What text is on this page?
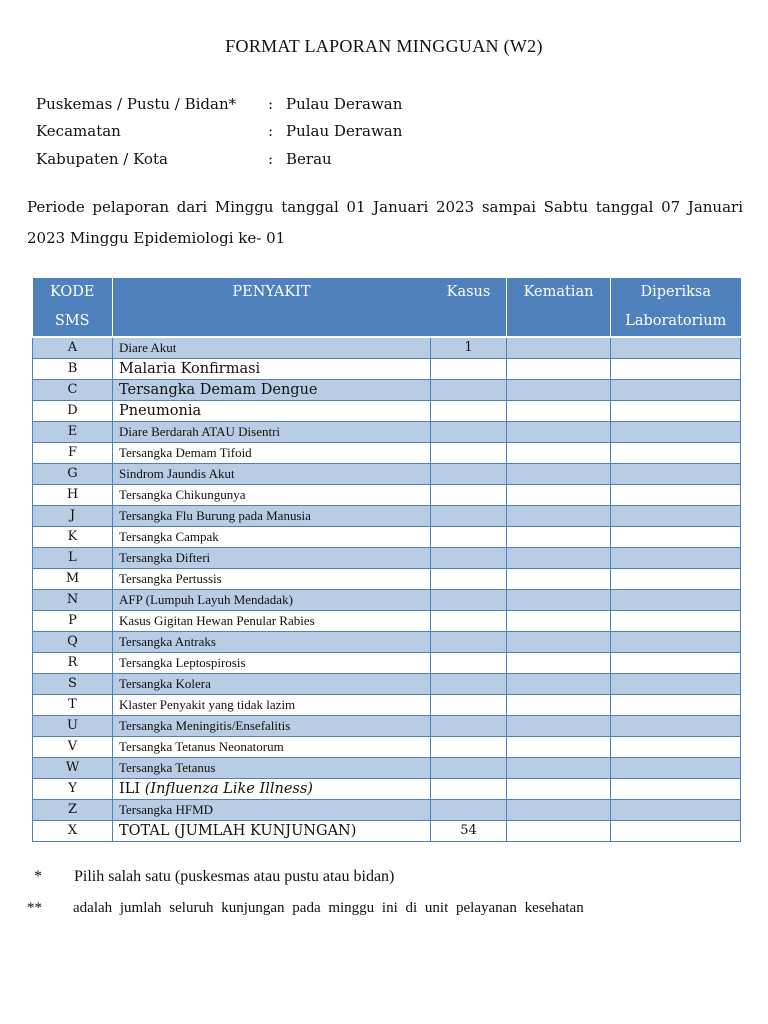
FORMAT LAPORAN MINGGUAN (W2)
Puskemas / Pustu / Bidan*	: Pulau Derawan
Kecamatan	: Pulau Derawan
Kabupaten / Kota	: Berau
Periode pelaporan dari Minggu tanggal 01 Januari 2023 sampai Sabtu tanggal 07 Januari 2023 Minggu Epidemiologi ke- 01
KODE SMS	PENYAKIT	Kasus	Kematian	Diperiksa Laboratorium
A	Diare Akut	1		
B	Malaria Konfirmasi			
C	Tersangka Demam Dengue			
D	Pneumonia			
E	Diare Berdarah ATAU Disentri			
F	Tersangka Demam Tifoid			
G	Sindrom Jaundis Akut			
H	Tersangka Chikungunya			
J	Tersangka Flu Burung pada Manusia			
K	Tersangka Campak			
L	Tersangka Difteri			
M	Tersangka Pertussis			
N	AFP (Lumpuh Layuh Mendadak)			
P	Kasus Gigitan Hewan Penular Rabies			
Q	Tersangka Antraks			
R	Tersangka Leptospirosis			
S	Tersangka Kolera			
T	Klaster Penyakit yang tidak lazim			
U	Tersangka Meningitis/Ensefalitis			
V	Tersangka Tetanus Neonatorum			
W	Tersangka Tetanus			
Y	ILI (Influenza Like Illness)			
Z	Tersangka HFMD			
X	TOTAL (JUMLAH KUNJUNGAN)	54		
* Pilih salah satu (puskesmas atau pustu atau bidan)
** adalah jumlah seluruh kunjungan pada minggu ini di unit pelayanan kesehatan
